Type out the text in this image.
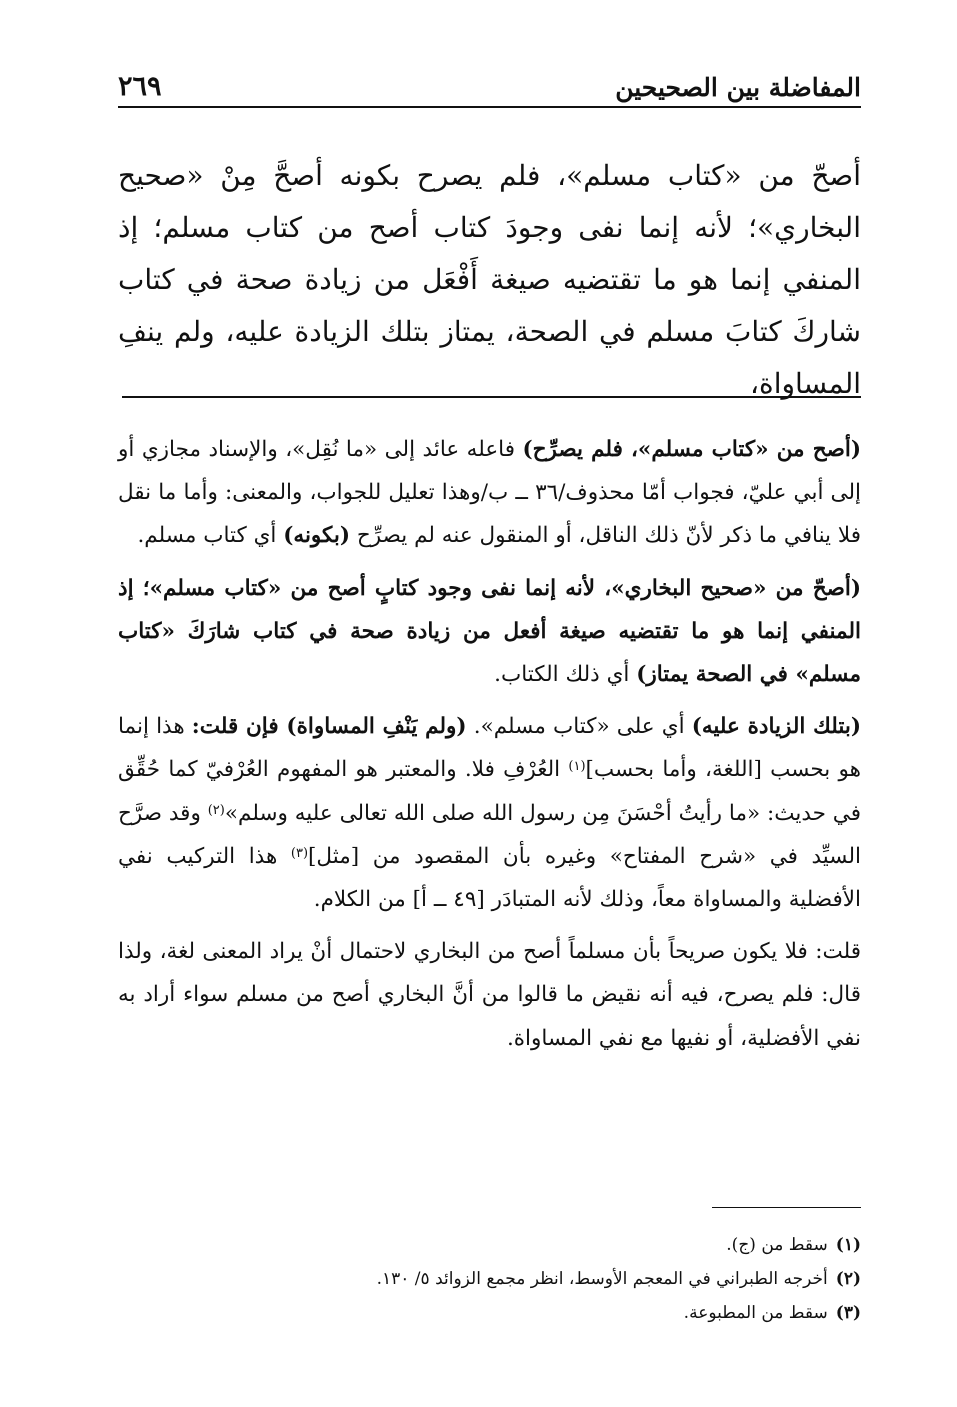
المفاضلة بين الصحيحين
٢٦٩
أصحّ من «كتاب مسلم»، فلم يصرح بكونه أصحَّ مِنْ «صحيح البخاري»؛ لأنه إنما نفى وجودَ كتاب أصح من كتاب مسلم؛ إذ المنفي إنما هو ما تقتضيه صيغة أَفْعَل من زيادة صحة في كتاب شاركَ كتابَ مسلم في الصحة، يمتاز بتلك الزيادة عليه، ولم ينفِ المساواة،

(أصح من «كتاب مسلم»، فلم يصرِّح) فاعله عائد إلى «ما نُقِل»، والإسناد مجازي أو إلى أبي عليّ، فجواب أمّا محذوف/٣٦ ــ ب/وهذا تعليل للجواب، والمعنى: وأما ما نقل فلا ينافي ما ذكر لأنّ ذلك الناقل، أو المنقول عنه لم يصرِّح (بكونه) أي كتاب مسلم.

(أصحّ من «صحيح البخاري»، لأنه إنما نفى وجود كتابٍ أصح من «كتاب مسلم»؛ إذ المنفي إنما هو ما تقتضيه صيغة أفعل من زيادة صحة في كتاب شارَكَ «كتاب مسلم» في الصحة يمتاز) أي ذلك الكتاب.

(بتلك الزيادة عليه) أي على «كتاب مسلم». (ولم يَنْفِ المساواة) فإن قلت: هذا إنما هو بحسب [اللغة، وأما بحسب]$^{(١)}$ العُرْفِ فلا. والمعتبر هو المفهوم العُرْفيّ كما حُقِّق في حديث: «ما رأيتُ أحْسَنَ مِن رسول الله صلى الله تعالى عليه وسلم»$^{(٢)}$ وقد صرَّح السيِّد في «شرح المفتاح» وغيره بأن المقصود من [مثل]$^{(٣)}$ هذا التركيب نفي الأفضلية والمساواة معاً، وذلك لأنه المتبادَر [٤٩ ــ أ] من الكلام.

قلت: فلا يكون صريحاً بأن مسلماً أصح من البخاري لاحتمال أنْ يراد المعنى لغة، ولذا قال: فلم يصرح، فيه أنه نقيض ما قالوا من أنَّ البخاري أصح من مسلم سواء أراد به نفي الأفضلية، أو نفيها مع نفي المساواة.

(١)سقط من (ج).
(٢)أخرجه الطبراني في المعجم الأوسط، انظر مجمع الزوائد ٥/ ١٣٠.
(٣)سقط من المطبوعة.
